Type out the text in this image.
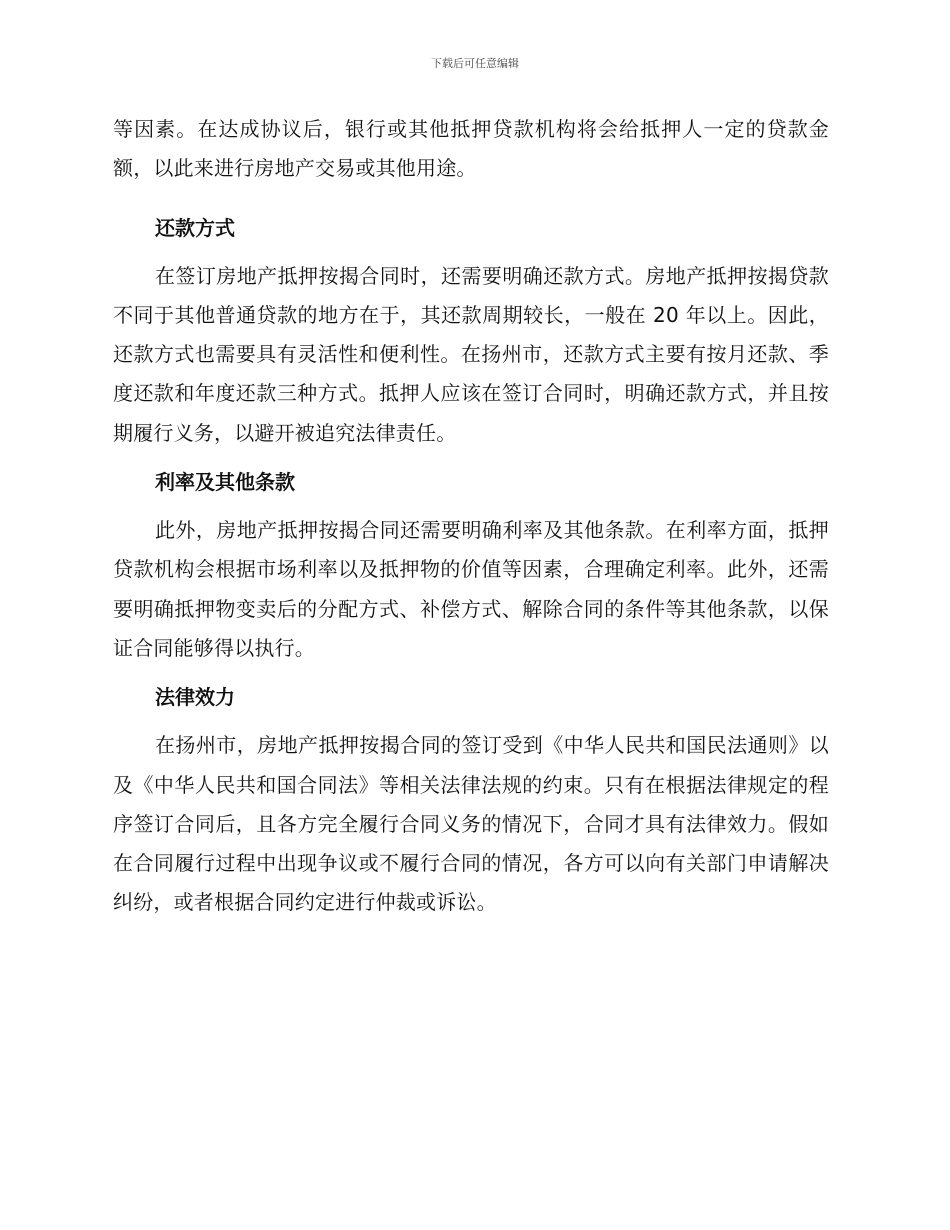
下载后可任意编辑

等因素。在达成协议后，银行或其他抵押贷款机构将会给抵押人一定的贷款金额，以此来进行房地产交易或其他用途。

还款方式

在签订房地产抵押按揭合同时，还需要明确还款方式。房地产抵押按揭贷款不同于其他普通贷款的地方在于，其还款周期较长，一般在 20 年以上。因此，还款方式也需要具有灵活性和便利性。在扬州市，还款方式主要有按月还款、季度还款和年度还款三种方式。抵押人应该在签订合同时，明确还款方式，并且按期履行义务，以避开被追究法律责任。

利率及其他条款

此外，房地产抵押按揭合同还需要明确利率及其他条款。在利率方面，抵押贷款机构会根据市场利率以及抵押物的价值等因素，合理确定利率。此外，还需要明确抵押物变卖后的分配方式、补偿方式、解除合同的条件等其他条款，以保证合同能够得以执行。

法律效力

在扬州市，房地产抵押按揭合同的签订受到《中华人民共和国民法通则》以及《中华人民共和国合同法》等相关法律法规的约束。只有在根据法律规定的程序签订合同后，且各方完全履行合同义务的情况下，合同才具有法律效力。假如在合同履行过程中出现争议或不履行合同的情况，各方可以向有关部门申请解决纠纷，或者根据合同约定进行仲裁或诉讼。
